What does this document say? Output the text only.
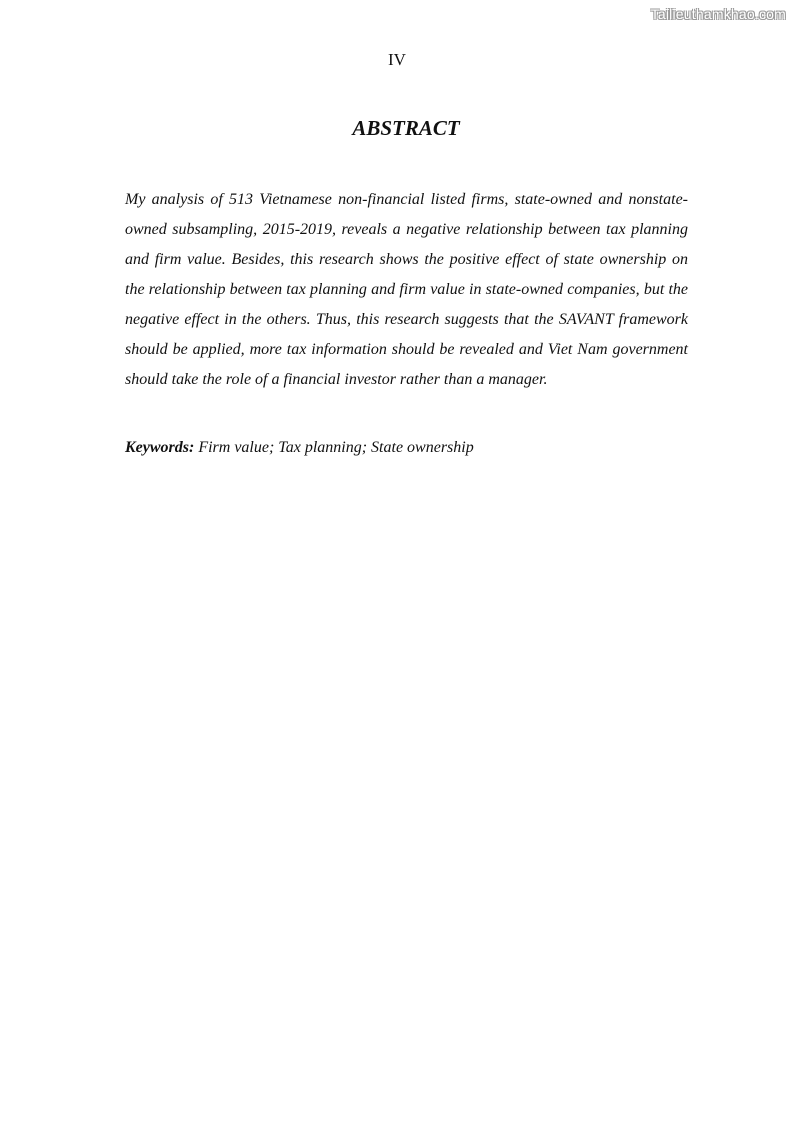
Tailieuthamkhao.com
IV
ABSTRACT

My analysis of 513 Vietnamese non-financial listed firms, state-owned and nonstate-owned subsampling, 2015-2019, reveals a negative relationship between tax planning and firm value. Besides, this research shows the positive effect of state ownership on the relationship between tax planning and firm value in state-owned companies, but the negative effect in the others. Thus, this research suggests that the SAVANT framework should be applied, more tax information should be revealed and Viet Nam government should take the role of a financial investor rather than a manager.

Keywords: Firm value; Tax planning; State ownership
